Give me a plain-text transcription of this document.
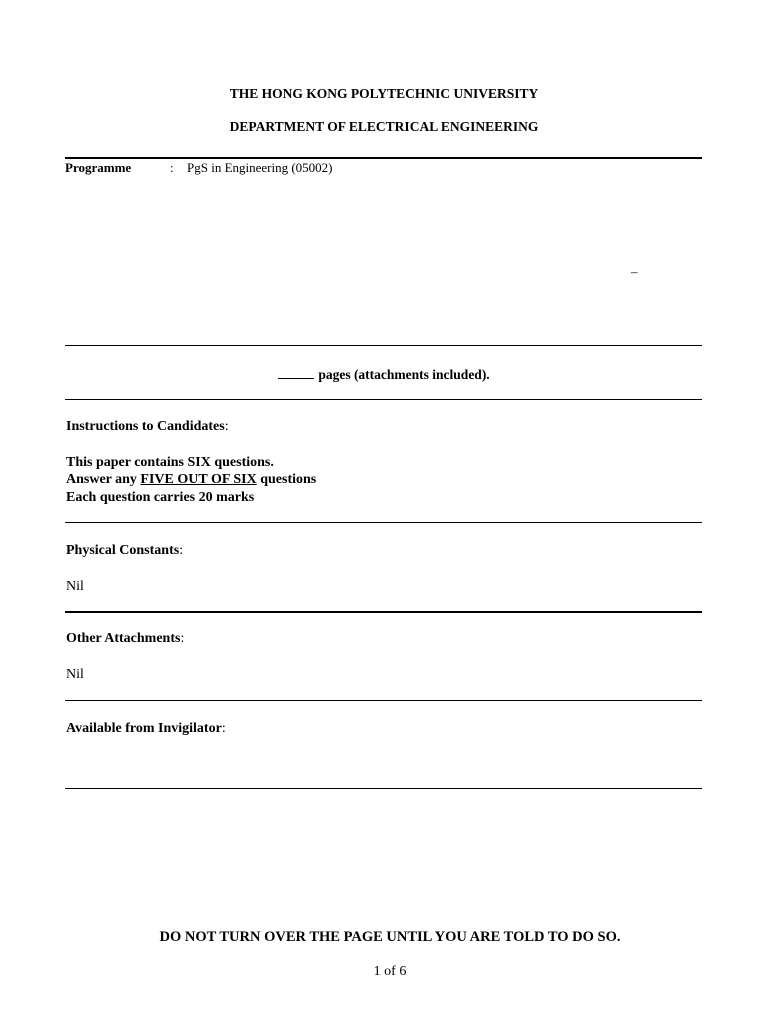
THE HONG KONG POLYTECHNIC UNIVERSITY
DEPARTMENT OF ELECTRICAL ENGINEERING
Programme	: PgS in Engineering (05002)
–
pages (attachments included).
Instructions to Candidates:
This paper contains SIX questions.
Answer any FIVE OUT OF SIX questions
Each question carries 20 marks
Physical Constants:
Nil
Other Attachments:
Nil
Available from Invigilator:
DO NOT TURN OVER THE PAGE UNTIL YOU ARE TOLD TO DO SO.
1 of 6
